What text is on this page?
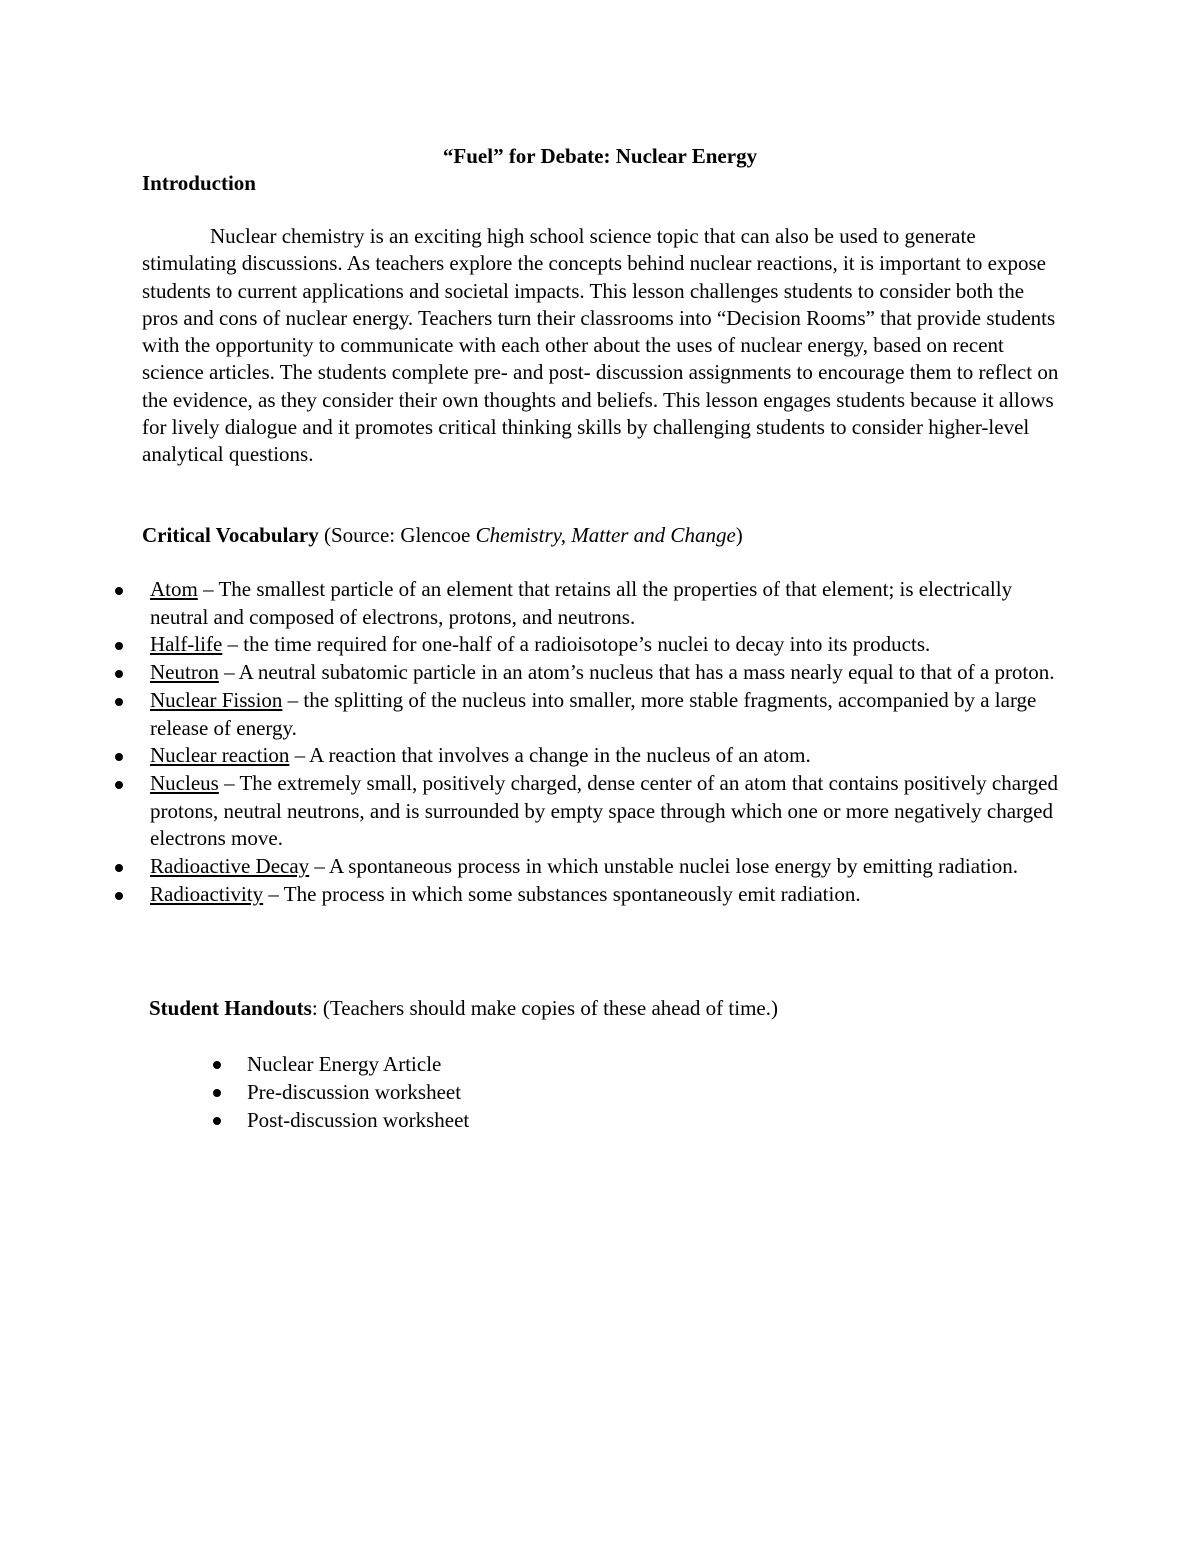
“Fuel” for Debate: Nuclear Energy
Introduction

Nuclear chemistry is an exciting high school science topic that can also be used to generate stimulating discussions. As teachers explore the concepts behind nuclear reactions, it is important to expose students to current applications and societal impacts. This lesson challenges students to consider both the pros and cons of nuclear energy. Teachers turn their classrooms into “Decision Rooms” that provide students with the opportunity to communicate with each other about the uses of nuclear energy, based on recent science articles. The students complete pre- and post- discussion assignments to encourage them to reflect on the evidence, as they consider their own thoughts and beliefs. This lesson engages students because it allows for lively dialogue and it promotes critical thinking skills by challenging students to consider higher-level analytical questions.

Critical Vocabulary (Source: Glencoe Chemistry, Matter and Change)

Atom – The smallest particle of an element that retains all the properties of that element; is electrically neutral and composed of electrons, protons, and neutrons.
Half-life – the time required for one-half of a radioisotope’s nuclei to decay into its products.
Neutron – A neutral subatomic particle in an atom’s nucleus that has a mass nearly equal to that of a proton.
Nuclear Fission – the splitting of the nucleus into smaller, more stable fragments, accompanied by a large release of energy.
Nuclear reaction – A reaction that involves a change in the nucleus of an atom.
Nucleus – The extremely small, positively charged, dense center of an atom that contains positively charged protons, neutral neutrons, and is surrounded by empty space through which one or more negatively charged electrons move.
Radioactive Decay – A spontaneous process in which unstable nuclei lose energy by emitting radiation.
Radioactivity – The process in which some substances spontaneously emit radiation.

Student Handouts: (Teachers should make copies of these ahead of time.)

Nuclear Energy Article
Pre-discussion worksheet
Post-discussion worksheet
